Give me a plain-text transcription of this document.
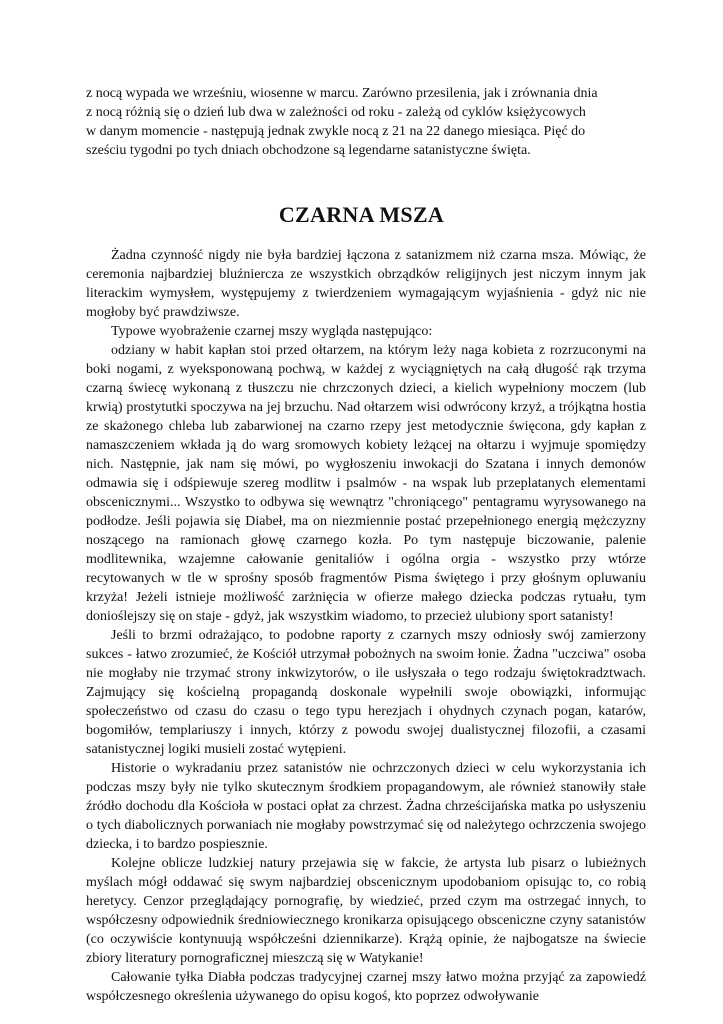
z nocą wypada we wrześniu, wiosenne w marcu. Zarówno przesilenia, jak i zrównania dnia
z nocą różnią się o dzień lub dwa w zależności od roku - zależą od cyklów księżycowych
w danym momencie - następują jednak zwykle nocą z 21 na 22 danego miesiąca. Pięć do
sześciu tygodni po tych dniach obchodzone są legendarne satanistyczne święta.
CZARNA MSZA

Żadna czynność nigdy nie była bardziej łączona z satanizmem niż czarna msza. Mówiąc, że ceremonia najbardziej bluźniercza ze wszystkich obrządków religijnych jest niczym innym jak literackim wymysłem, występujemy z twierdzeniem wymagającym wyjaśnienia - gdyż nic nie mogłoby być prawdziwsze.

Typowe wyobrażenie czarnej mszy wygląda następująco:

odziany w habit kapłan stoi przed ołtarzem, na którym leży naga kobieta z rozrzuconymi na boki nogami, z wyeksponowaną pochwą, w każdej z wyciągniętych na całą długość rąk trzyma czarną świecę wykonaną z tłuszczu nie chrzczonych dzieci, a kielich wypełniony moczem (lub krwią) prostytutki spoczywa na jej brzuchu. Nad ołtarzem wisi odwrócony krzyż, a trójkątna hostia ze skażonego chleba lub zabarwionej na czarno rzepy jest metodycznie święcona, gdy kapłan z namaszczeniem wkłada ją do warg sromowych kobiety leżącej na ołtarzu i wyjmuje spomiędzy nich. Następnie, jak nam się mówi, po wygłoszeniu inwokacji do Szatana i innych demonów odmawia się i odśpiewuje szereg modlitw i psalmów - na wspak lub przeplatanych elementami obscenicznymi... Wszystko to odbywa się wewnątrz "chroniącego" pentagramu wyrysowanego na podłodze. Jeśli pojawia się Diabeł, ma on niezmiennie postać przepełnionego energią mężczyzny noszącego na ramionach głowę czarnego kozła. Po tym następuje biczowanie, palenie modlitewnika, wzajemne całowanie genitaliów i ogólna orgia - wszystko przy wtórze recytowanych w tle w sprośny sposób fragmentów Pisma świętego i przy głośnym opluwaniu krzyża! Jeżeli istnieje możliwość zarżnięcia w ofierze małego dziecka podczas rytuału, tym donioślejszy się on staje - gdyż, jak wszystkim wiadomo, to przecież ulubiony sport satanisty!

Jeśli to brzmi odrażająco, to podobne raporty z czarnych mszy odniosły swój zamierzony sukces - łatwo zrozumieć, że Kościół utrzymał pobożnych na swoim łonie. Żadna "uczciwa" osoba nie mogłaby nie trzymać strony inkwizytorów, o ile usłyszała o tego rodzaju świętokradztwach. Zajmujący się kościelną propagandą doskonale wypełnili swoje obowiązki, informując społeczeństwo od czasu do czasu o tego typu herezjach i ohydnych czynach pogan, katarów, bogomiłów, templariuszy i innych, którzy z powodu swojej dualistycznej filozofii, a czasami satanistycznej logiki musieli zostać wytępieni.

Historie o wykradaniu przez satanistów nie ochrzczonych dzieci w celu wykorzystania ich podczas mszy były nie tylko skutecznym środkiem propagandowym, ale również stanowiły stałe źródło dochodu dla Kościoła w postaci opłat za chrzest. Żadna chrześcijańska matka po usłyszeniu o tych diabolicznych porwaniach nie mogłaby powstrzymać się od należytego ochrzczenia swojego dziecka, i to bardzo pospiesznie.

Kolejne oblicze ludzkiej natury przejawia się w fakcie, że artysta lub pisarz o lubieżnych myślach mógł oddawać się swym najbardziej obscenicznym upodobaniom opisując to, co robią heretycy. Cenzor przeglądający pornografię, by wiedzieć, przed czym ma ostrzegać innych, to współczesny odpowiednik średniowiecznego kronikarza opisującego obsceniczne czyny satanistów (co oczywiście kontynuują współcześni dziennikarze). Krążą opinie, że najbogatsze na świecie zbiory literatury pornograficznej mieszczą się w Watykanie!

Całowanie tyłka Diabła podczas tradycyjnej czarnej mszy łatwo można przyjąć za zapowiedź współczesnego określenia używanego do opisu kogoś, kto poprzez odwoływanie
